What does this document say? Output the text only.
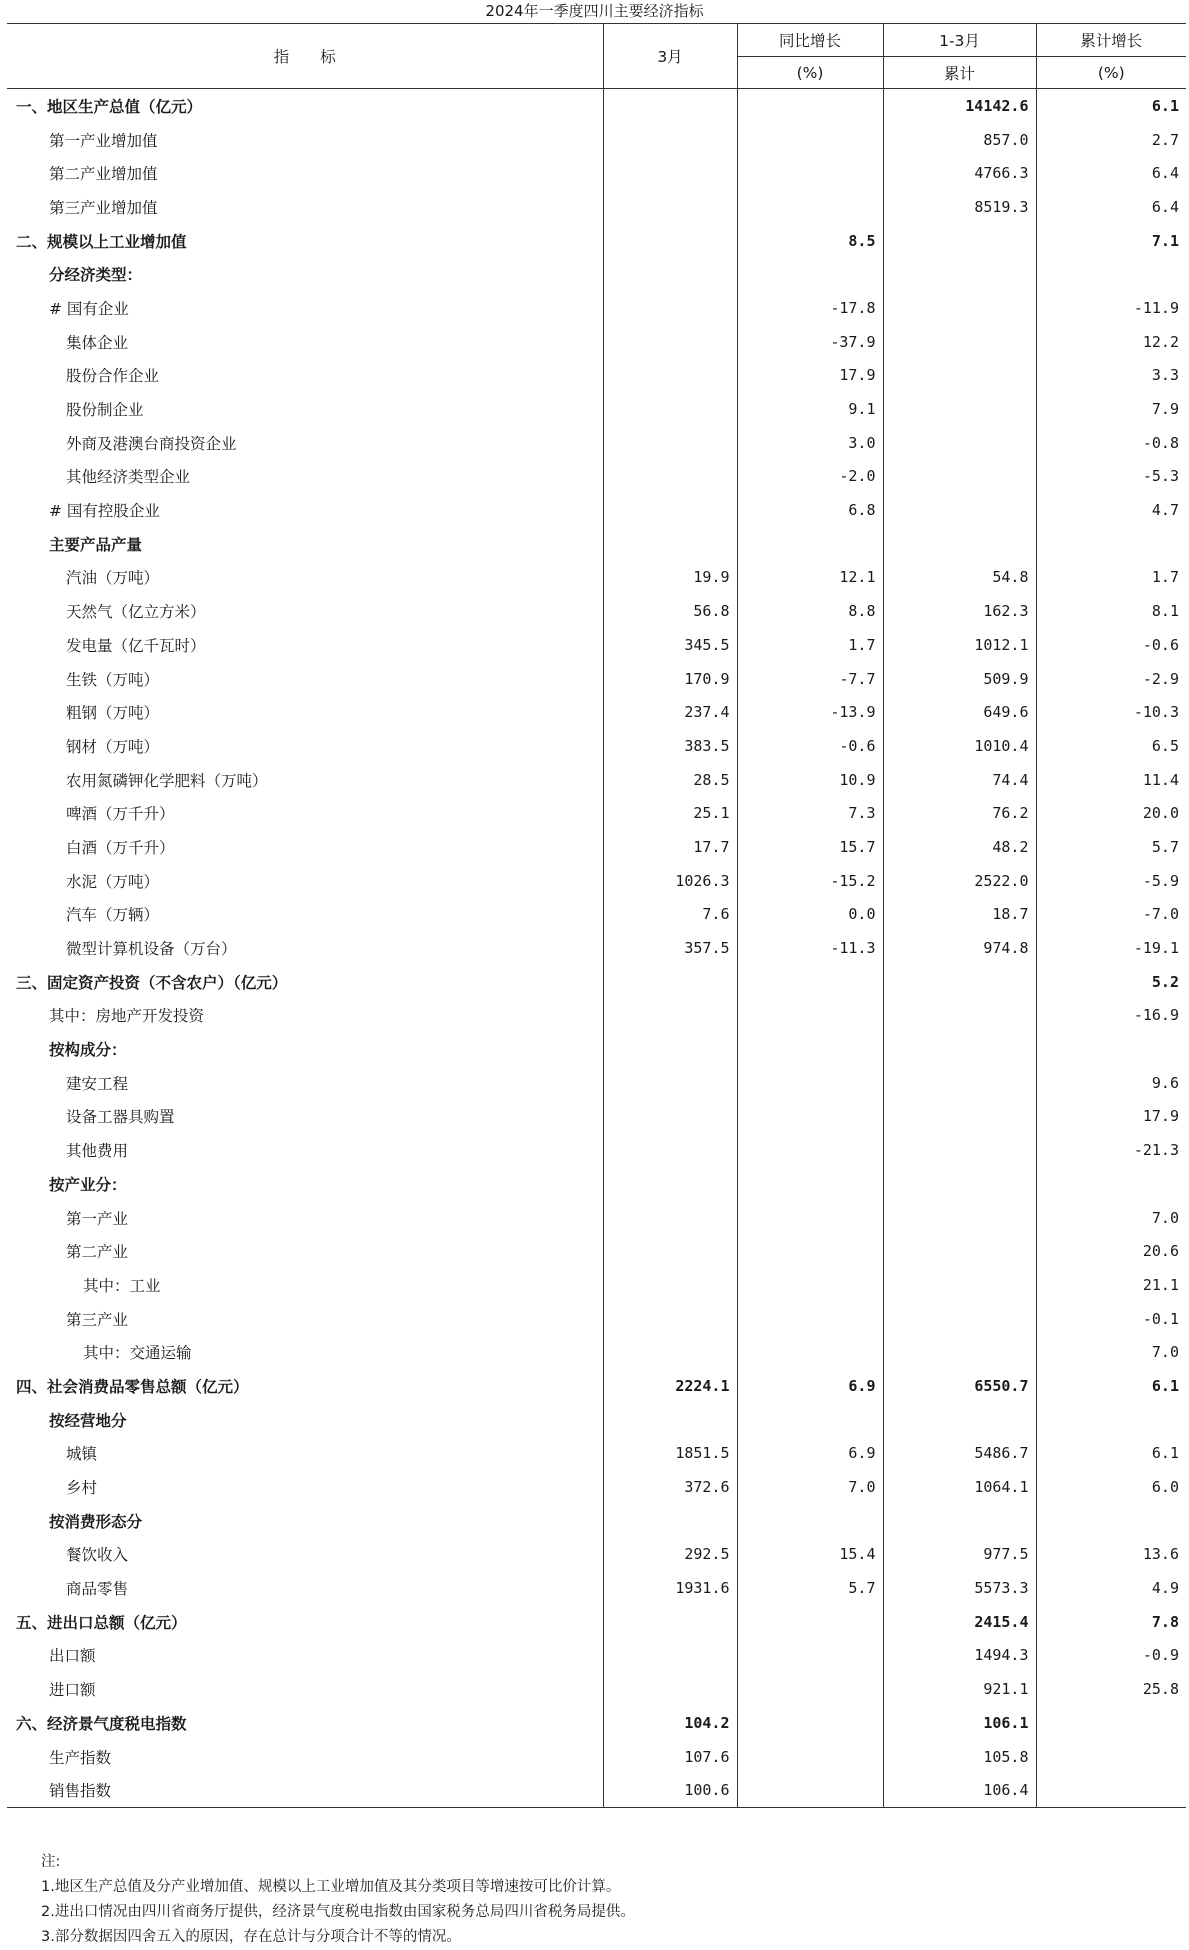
2024年一季度四川主要经济指标
指　　标	3月	同比增长	1-3月	累计增长
		(%)	累计	(%)
一、地区生产总值（亿元）			14142.6	6.1
第一产业增加值			857.0	2.7
第二产业增加值			4766.3	6.4
第三产业增加值			8519.3	6.4
二、规模以上工业增加值		8.5		7.1
分经济类型：				
# 国有企业		-17.8		-11.9
集体企业		-37.9		12.2
股份合作企业		17.9		3.3
股份制企业		9.1		7.9
外商及港澳台商投资企业		3.0		-0.8
其他经济类型企业		-2.0		-5.3
# 国有控股企业		6.8		4.7
主要产品产量				
汽油（万吨）	19.9	12.1	54.8	1.7
天然气（亿立方米）	56.8	8.8	162.3	8.1
发电量（亿千瓦时）	345.5	1.7	1012.1	-0.6
生铁（万吨）	170.9	-7.7	509.9	-2.9
粗钢（万吨）	237.4	-13.9	649.6	-10.3
钢材（万吨）	383.5	-0.6	1010.4	6.5
农用氮磷钾化学肥料（万吨）	28.5	10.9	74.4	11.4
啤酒（万千升）	25.1	7.3	76.2	20.0
白酒（万千升）	17.7	15.7	48.2	5.7
水泥（万吨）	1026.3	-15.2	2522.0	-5.9
汽车（万辆）	7.6	0.0	18.7	-7.0
微型计算机设备（万台）	357.5	-11.3	974.8	-19.1
三、固定资产投资（不含农户）（亿元）				5.2
其中：房地产开发投资				-16.9
按构成分：				
建安工程				9.6
设备工器具购置				17.9
其他费用				-21.3
按产业分：				
第一产业				7.0
第二产业				20.6
其中：工业				21.1
第三产业				-0.1
其中：交通运输				7.0
四、社会消费品零售总额（亿元）	2224.1	6.9	6550.7	6.1
按经营地分				
城镇	1851.5	6.9	5486.7	6.1
乡村	372.6	7.0	1064.1	6.0
按消费形态分				
餐饮收入	292.5	15.4	977.5	13.6
商品零售	1931.6	5.7	5573.3	4.9
五、进出口总额（亿元）			2415.4	7.8
出口额			1494.3	-0.9
进口额			921.1	25.8
六、经济景气度税电指数	104.2		106.1	
生产指数	107.6		105.8	
销售指数	100.6		106.4	
注:
1.地区生产总值及分产业增加值、规模以上工业增加值及其分类项目等增速按可比价计算。
2.进出口情况由四川省商务厅提供，经济景气度税电指数由国家税务总局四川省税务局提供。
3.部分数据因四舍五入的原因，存在总计与分项合计不等的情况。
